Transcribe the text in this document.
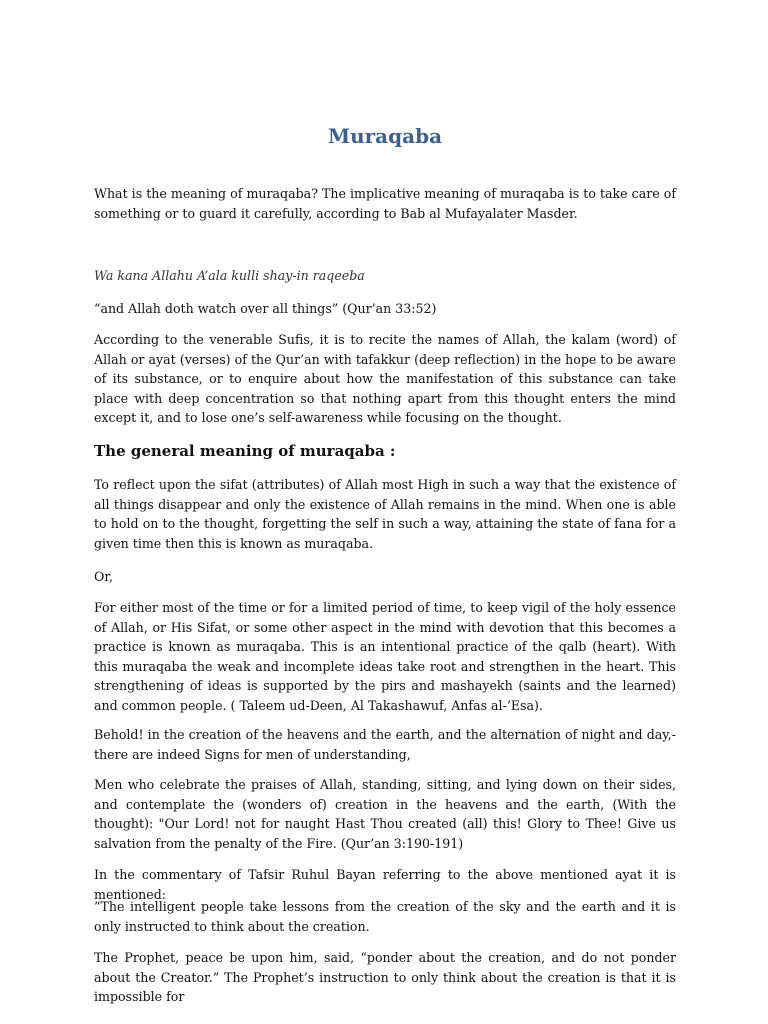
Muraqaba

What is the meaning of muraqaba? The implicative meaning of muraqaba is to take care of something or to guard it carefully, according to Bab al Mufayalater Masder.

Wa kana Allahu A’ala kulli shay-in raqeeba

“and Allah doth watch over all things” (Qur’an 33:52)

According to the venerable Sufis, it is to recite the names of Allah, the kalam (word) of Allah or ayat (verses) of the Qur’an with tafakkur (deep reflection) in the hope to be aware of its substance, or to enquire about how the manifestation of this substance can take place with deep concentration so that nothing apart from this thought enters the mind except it, and to lose one’s self-awareness while focusing on the thought.

The general meaning of muraqaba :

To reflect upon the sifat (attributes) of Allah most High in such a way that the existence of all things disappear and only the existence of Allah remains in the mind. When one is able to hold on to the thought, forgetting the self in such a way, attaining the state of fana for a given time then this is known as muraqaba.

Or,

For either most of the time or for a limited period of time, to keep vigil of the holy essence of Allah, or His Sifat, or some other aspect in the mind with devotion that this becomes a practice is known as muraqaba. This is an intentional practice of the qalb (heart). With this muraqaba the weak and incomplete ideas take root and strengthen in the heart. This strengthening of ideas is supported by the pirs and mashayekh (saints and the learned) and common people. ( Taleem ud-Deen, Al Takashawuf, Anfas al-‘Esa).

Behold! in the creation of the heavens and the earth, and the alternation of night and day,- there are indeed Signs for men of understanding,

Men who celebrate the praises of Allah, standing, sitting, and lying down on their sides, and contemplate the (wonders of) creation in the heavens and the earth, (With the thought): "Our Lord! not for naught Hast Thou created (all) this! Glory to Thee! Give us salvation from the penalty of the Fire. (Qur’an 3:190-191)

In the commentary of Tafsir Ruhul Bayan referring to the above mentioned ayat it is mentioned:

“The intelligent people take lessons from the creation of the sky and the earth and it is only instructed to think about the creation.

The Prophet, peace be upon him, said, “ponder about the creation, and do not ponder about the Creator.” The Prophet’s instruction to only think about the creation is that it is impossible for
